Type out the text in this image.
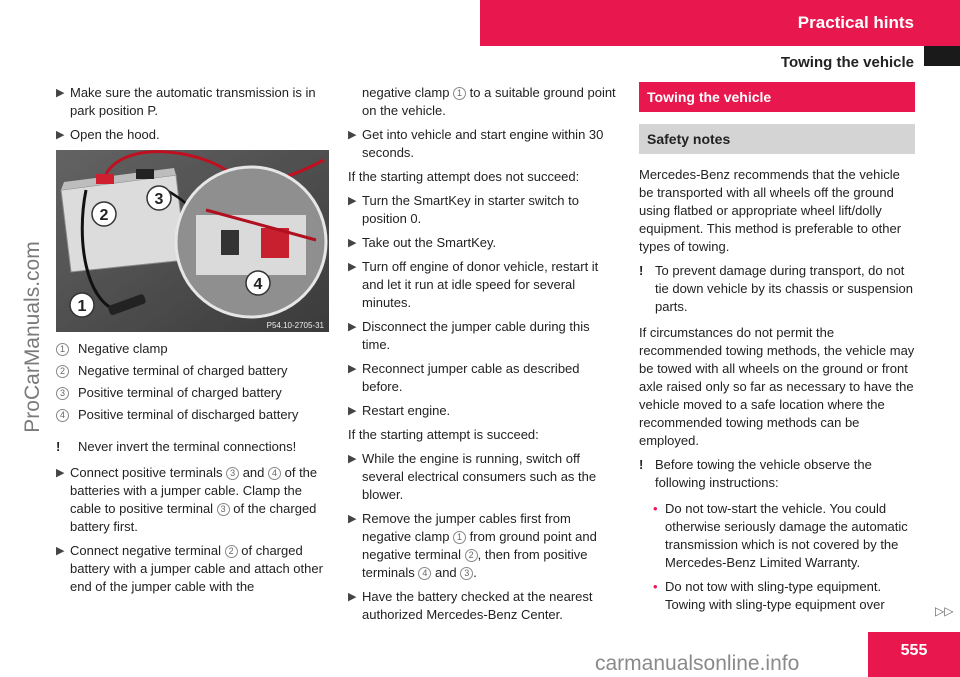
Practical hints
Towing the vehicle
ProCarManuals.com
▶ Make sure the automatic transmission is in park position P.
▶ Open the hood.
1
2
3
4
P54.10-2705-31
1	Negative clamp
2	Negative terminal of charged battery
3	Positive terminal of charged battery
4	Positive terminal of discharged battery
! Never invert the terminal connections!
▶ Connect positive terminals 3 and 4 of the batteries with a jumper cable. Clamp the cable to positive terminal 3 of the charged battery first.
▶ Connect negative terminal 2 of charged battery with a jumper cable and attach other end of the jumper cable with the

negative clamp 1 to a suitable ground point on the vehicle.

▶ Get into vehicle and start engine within 30 seconds.

If the starting attempt does not succeed:

▶ Turn the SmartKey in starter switch to position 0.
▶ Take out the SmartKey.
▶ Turn off engine of donor vehicle, restart it and let it run at idle speed for several minutes.
▶ Disconnect the jumper cable during this time.
▶ Reconnect jumper cable as described before.
▶ Restart engine.

If the starting attempt is succeed:

▶ While the engine is running, switch off several electrical consumers such as the blower.
▶ Remove the jumper cables first from negative clamp 1 from ground point and negative terminal 2 , then from positive terminals 4 and 3 .
▶ Have the battery checked at the nearest authorized Mercedes-Benz Center.
Towing the vehicle
Safety notes

Mercedes-Benz recommends that the vehicle be transported with all wheels off the ground using flatbed or appropriate wheel lift/dolly equipment. This method is preferable to other types of towing.

! To prevent damage during transport, do not tie down vehicle by its chassis or suspension parts.

If circumstances do not permit the recommended towing methods, the vehicle may be towed with all wheels on the ground or front axle raised only so far as necessary to have the vehicle moved to a safe location where the recommended towing methods can be employed.

! Before towing the vehicle observe the following instructions:
• Do not tow-start the vehicle. You could otherwise seriously damage the automatic transmission which is not covered by the Mercedes-Benz Limited Warranty.
• Do not tow with sling-type equipment. Towing with sling-type equipment over	▷▷
555
carmanualsonline.info
